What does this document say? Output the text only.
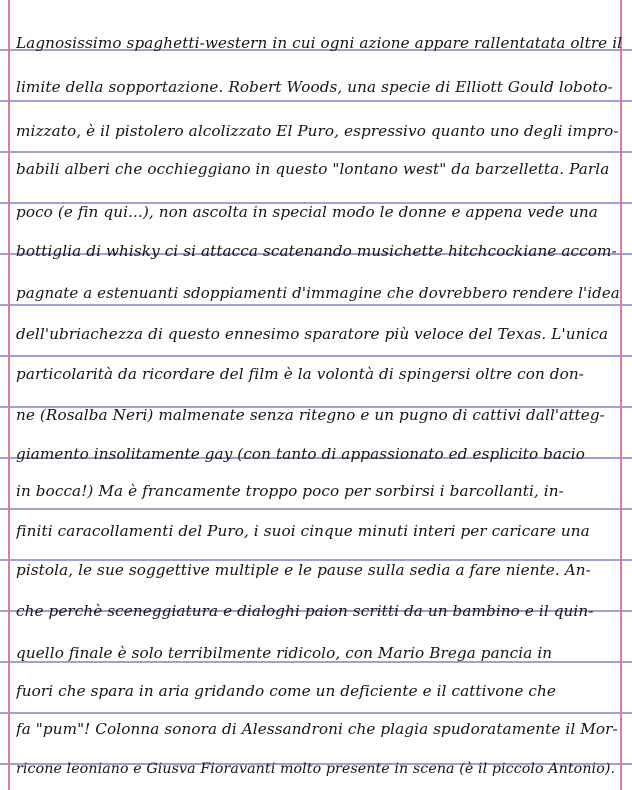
Lagnosissimo spaghetti-western in cui ogni azione appare rallentatata oltre il
limite della sopportazione. Robert Woods, una specie di Elliott Gould loboto-
mizzato, è il pistolero alcolizzato El Puro, espressivo quanto uno degli impro-
babili alberi che occhieggiano in questo "lontano west" da barzelletta. Parla
poco (e fin qui...), non ascolta in special modo le donne e appena vede una
bottiglia di whisky ci si attacca scatenando musichette hitchcockiane accom-
pagnate a estenuanti sdoppiamenti d'immagine che dovrebbero rendere l'idea
dell'ubriachezza di questo ennesimo sparatore più veloce del Texas. L'unica
particolarità da ricordare del film è la volontà di spingersi oltre con don-
ne (Rosalba Neri) malmenate senza ritegno e un pugno di cattivi dall'atteg-
giamento insolitamente gay (con tanto di appassionato ed esplicito bacio
in bocca!) Ma è francamente troppo poco per sorbirsi i barcollanti, in-
finiti caracollamenti del Puro, i suoi cinque minuti interi per caricare una
pistola, le sue soggettive multiple e le pause sulla sedia a fare niente. An-
che perchè sceneggiatura e dialoghi paion scritti da un bambino e il quin-
quello finale è solo terribilmente ridicolo, con Mario Brega pancia in
fuori che spara in aria gridando come un deficiente e il cattivone che
fa "pum"! Colonna sonora di Alessandroni che plagia spudoratamente il Mor-
ricone leoniano e Giusva Fioravanti molto presente in scena (è il piccolo Antonio).
